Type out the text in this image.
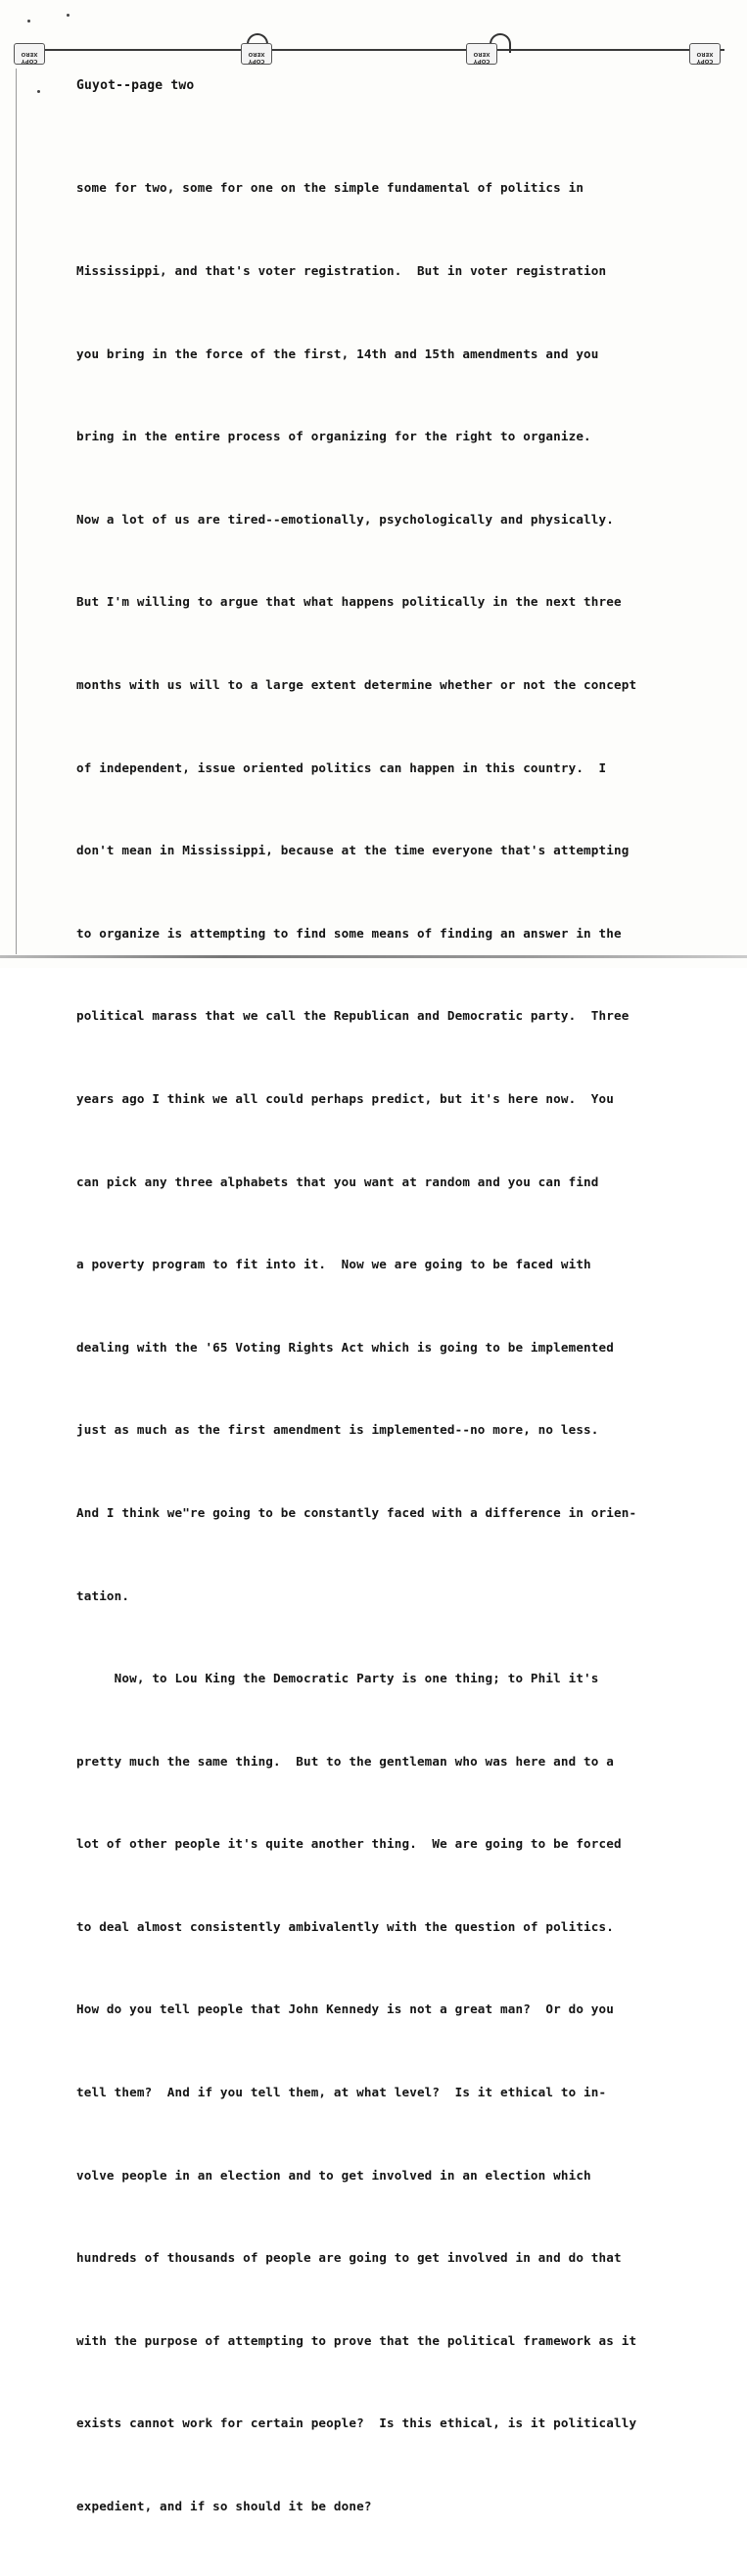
COPY
XERO
COPY
XERO
COPY
XERO
COPY
XERO
Guyot--page two

some for two, some for one on the simple fundamental of politics in

Mississippi, and that's voter registration.  But in voter registration

you bring in the force of the first, 14th and 15th amendments and you

bring in the entire process of organizing for the right to organize.

Now a lot of us are tired--emotionally, psychologically and physically.

But I'm willing to argue that what happens politically in the next three

months with us will to a large extent determine whether or not the concept

of independent, issue oriented politics can happen in this country.  I

don't mean in Mississippi, because at the time everyone that's attempting

to organize is attempting to find some means of finding an answer in the

political marass that we call the Republican and Democratic party.  Three

years ago I think we all could perhaps predict, but it's here now.  You

can pick any three alphabets that you want at random and you can find

a poverty program to fit into it.  Now we are going to be faced with

dealing with the '65 Voting Rights Act which is going to be implemented

just as much as the first amendment is implemented--no more, no less.

And I think we"re going to be constantly faced with a difference in orien-

tation.

Now, to Lou King the Democratic Party is one thing; to Phil it's

pretty much the same thing.  But to the gentleman who was here and to a

lot of other people it's quite another thing.  We are going to be forced

to deal almost consistently ambivalently with the question of politics.

How do you tell people that John Kennedy is not a great man?  Or do you

tell them?  And if you tell them, at what level?  Is it ethical to in-

volve people in an election and to get involved in an election which

hundreds of thousands of people are going to get involved in and do that

with the purpose of attempting to prove that the political framework as it

exists cannot work for certain people?  Is this ethical, is it politically

expedient, and if so should it be done?
